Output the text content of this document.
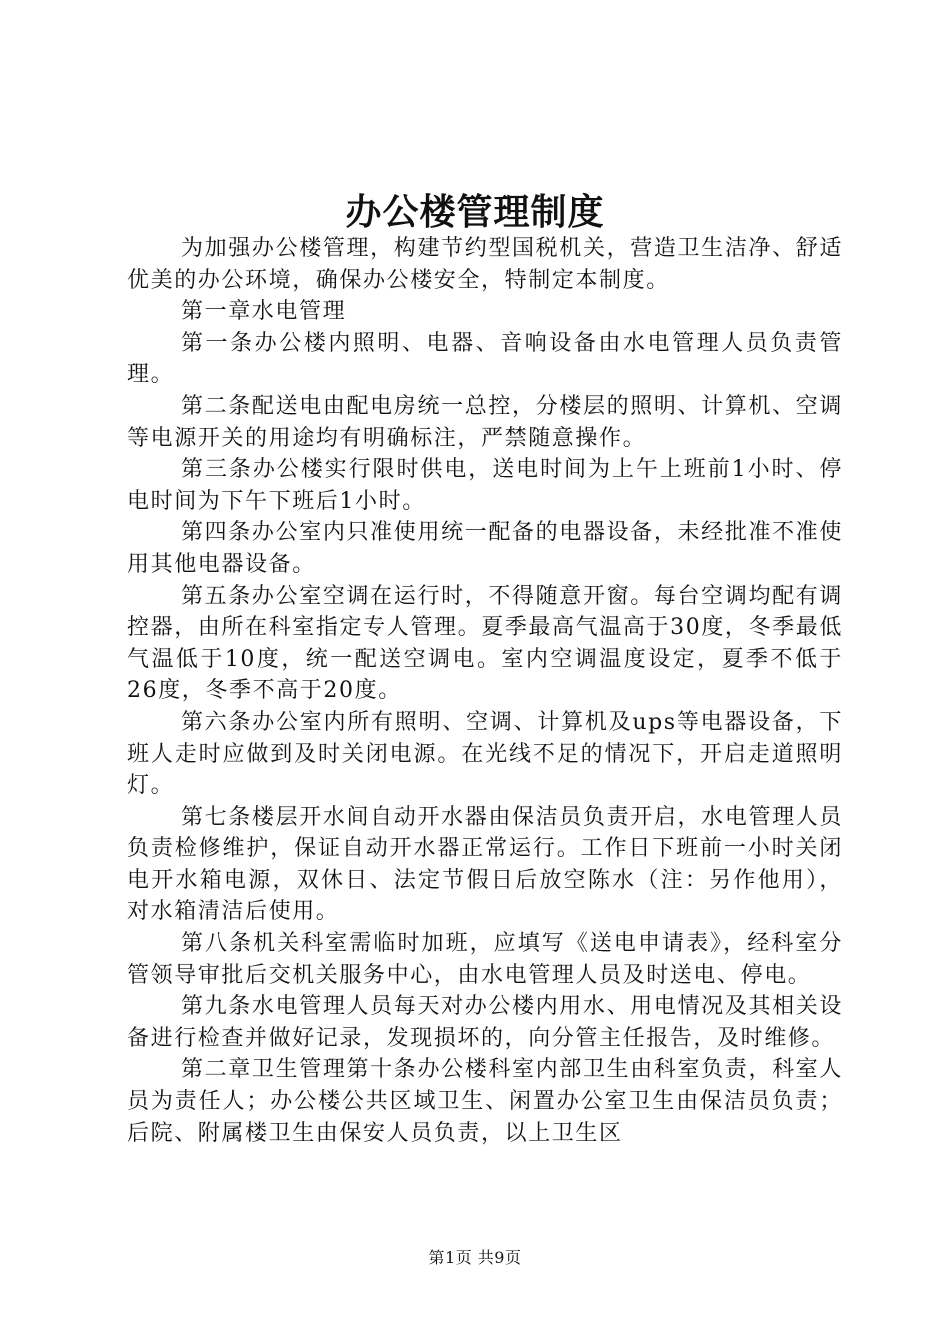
办公楼管理制度

为加强办公楼管理，构建节约型国税机关，营造卫生洁净、舒适优美的办公环境，确保办公楼安全，特制定本制度。

第一章水电管理

第一条办公楼内照明、电器、音响设备由水电管理人员负责管理。

第二条配送电由配电房统一总控，分楼层的照明、计算机、空调等电源开关的用途均有明确标注，严禁随意操作。

第三条办公楼实行限时供电，送电时间为上午上班前1小时、停电时间为下午下班后1小时。

第四条办公室内只准使用统一配备的电器设备，未经批准不准使用其他电器设备。

第五条办公室空调在运行时，不得随意开窗。每台空调均配有调控器，由所在科室指定专人管理。夏季最高气温高于30度，冬季最低气温低于10度，统一配送空调电。室内空调温度设定，夏季不低于26度，冬季不高于20度。

第六条办公室内所有照明、空调、计算机及ups等电器设备，下班人走时应做到及时关闭电源。在光线不足的情况下，开启走道照明灯。

第七条楼层开水间自动开水器由保洁员负责开启，水电管理人员负责检修维护，保证自动开水器正常运行。工作日下班前一小时关闭电开水箱电源，双休日、法定节假日后放空陈水（注：另作他用），对水箱清洁后使用。

第八条机关科室需临时加班，应填写《送电申请表》，经科室分管领导审批后交机关服务中心，由水电管理人员及时送电、停电。

第九条水电管理人员每天对办公楼内用水、用电情况及其相关设备进行检查并做好记录，发现损坏的，向分管主任报告，及时维修。

第二章卫生管理第十条办公楼科室内部卫生由科室负责，科室人员为责任人；办公楼公共区域卫生、闲置办公室卫生由保洁员负责；后院、附属楼卫生由保安人员负责，以上卫生区

第1页 共9页
